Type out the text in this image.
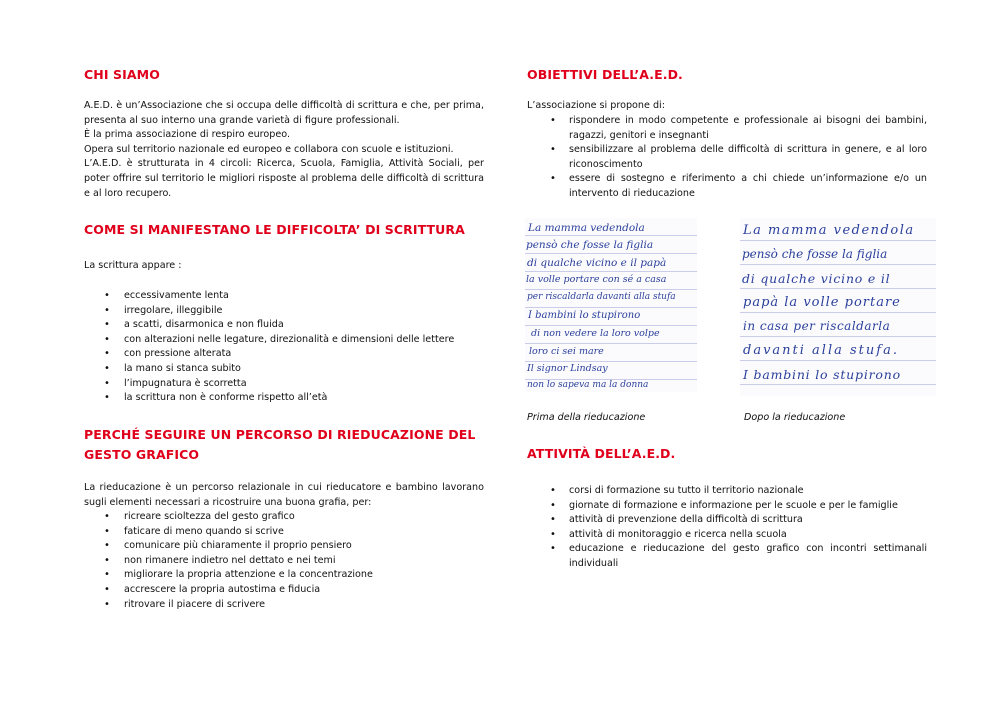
CHI SIAMO
A.E.D. è un’Associazione che si occupa delle difficoltà di scrittura e che, per prima, presenta al suo interno una grande varietà di figure professionali.
È la prima associazione di respiro europeo.
Opera sul territorio nazionale ed europeo e collabora con scuole e istituzioni.
L’A.E.D. è strutturata in 4 circoli: Ricerca, Scuola, Famiglia, Attività Sociali, per poter offrire sul territorio le migliori risposte al problema delle difficoltà di scrittura e al loro recupero.
COME SI MANIFESTANO LE DIFFICOLTA’ DI SCRITTURA
La scrittura appare :
• eccessivamente lenta
• irregolare, illeggibile
• a scatti, disarmonica e non fluida
• con alterazioni nelle legature, direzionalità e dimensioni delle lettere
• con pressione alterata
• la mano si stanca subito
• l’impugnatura è scorretta
• la scrittura non è conforme rispetto all’età
PERCHÉ SEGUIRE UN PERCORSO DI RIEDUCAZIONE DEL
GESTO GRAFICO
La rieducazione è un percorso relazionale in cui rieducatore e bambino lavorano sugli elementi necessari a ricostruire una buona grafia, per:
• ricreare scioltezza del gesto grafico
• faticare di meno quando si scrive
• comunicare più chiaramente il proprio pensiero
• non rimanere indietro nel dettato e nei temi
• migliorare la propria attenzione e la concentrazione
• accrescere la propria autostima e fiducia
• ritrovare il piacere di scrivere
OBIETTIVI DELL’A.E.D.
L’associazione si propone di:
• rispondere in modo competente e professionale ai bisogni dei bambini, ragazzi, genitori e insegnanti
• sensibilizzare al problema delle difficoltà di scrittura in genere, e al loro riconoscimento
• essere di sostegno e riferimento a chi chiede un’informazione e/o un intervento di rieducazione
La mamma vedendola
pensò che fosse la figlia
di qualche vicino e il papà
la volle portare con sé a casa
per riscaldarla davanti alla stufa
I bambini lo stupirono
di non vedere la loro volpe
loro ci sei mare
Il signor Lindsay
non lo sapeva ma la donna
La mamma vedendola
pensò che fosse la figlia
di qualche vicino e il
papà la volle portare
in casa per riscaldarla
davanti alla stufa.
I bambini lo stupirono
Prima della rieducazione	Dopo la rieducazione
ATTIVITÀ DELL’A.E.D.
• corsi di formazione su tutto il territorio nazionale
• giornate di formazione e informazione per le scuole e per le famiglie
• attività di prevenzione della difficoltà di scrittura
• attività di monitoraggio e ricerca nella scuola
• educazione e rieducazione del gesto grafico con incontri settimanali individuali
